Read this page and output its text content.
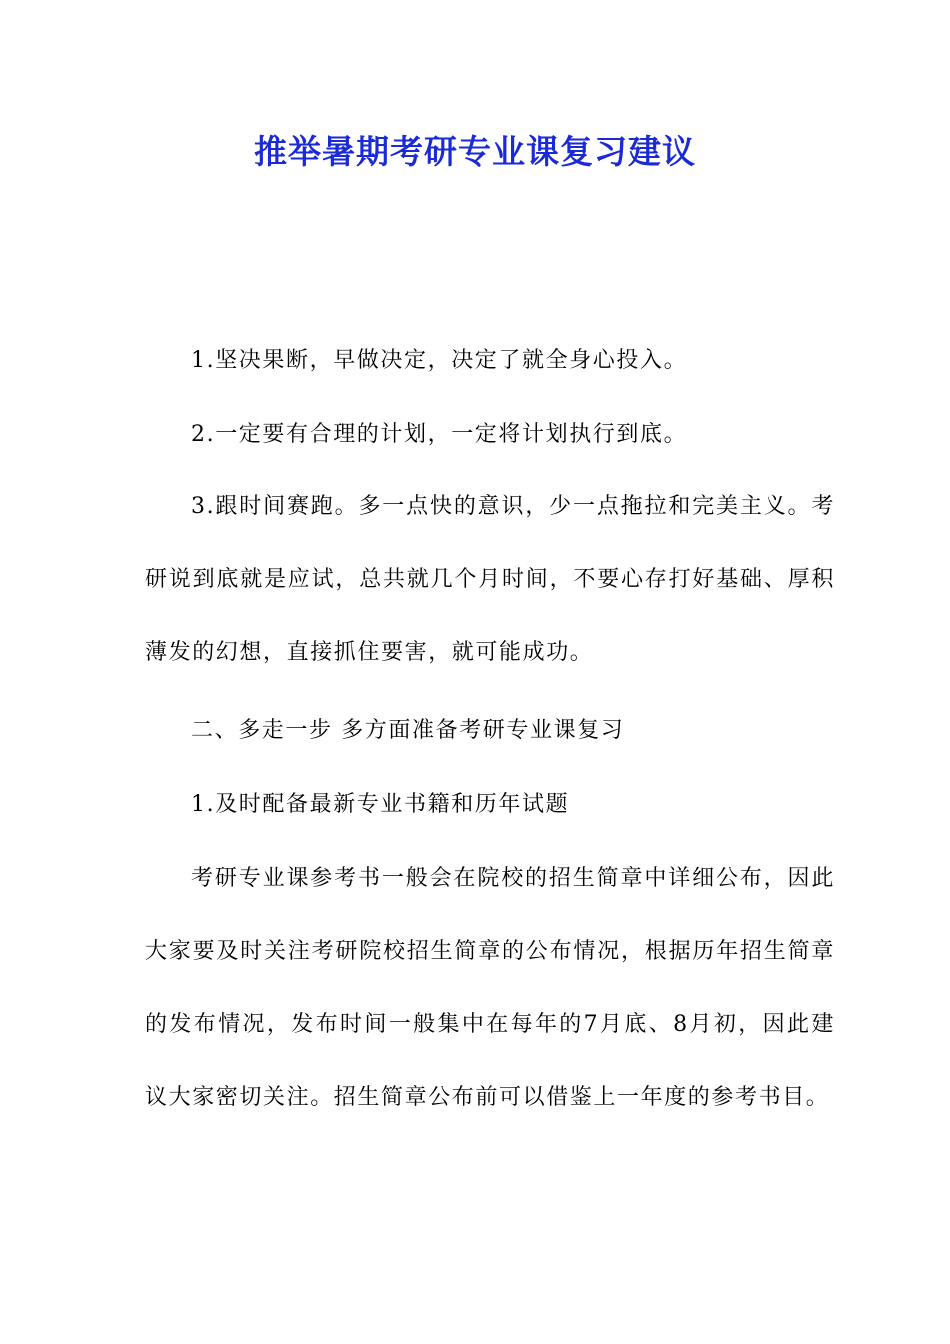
推举暑期考研专业课复习建议

1.坚决果断，早做决定，决定了就全身心投入。

2.一定要有合理的计划，一定将计划执行到底。

3.跟时间赛跑。多一点快的意识，少一点拖拉和完美主义。考研说到底就是应试，总共就几个月时间，不要心存打好基础、厚积薄发的幻想，直接抓住要害，就可能成功。

二、多走一步 多方面准备考研专业课复习

1.及时配备最新专业书籍和历年试题

考研专业课参考书一般会在院校的招生简章中详细公布，因此大家要及时关注考研院校招生简章的公布情况，根据历年招生简章的发布情况，发布时间一般集中在每年的7月底、8月初，因此建议大家密切关注。招生简章公布前可以借鉴上一年度的参考书目。
